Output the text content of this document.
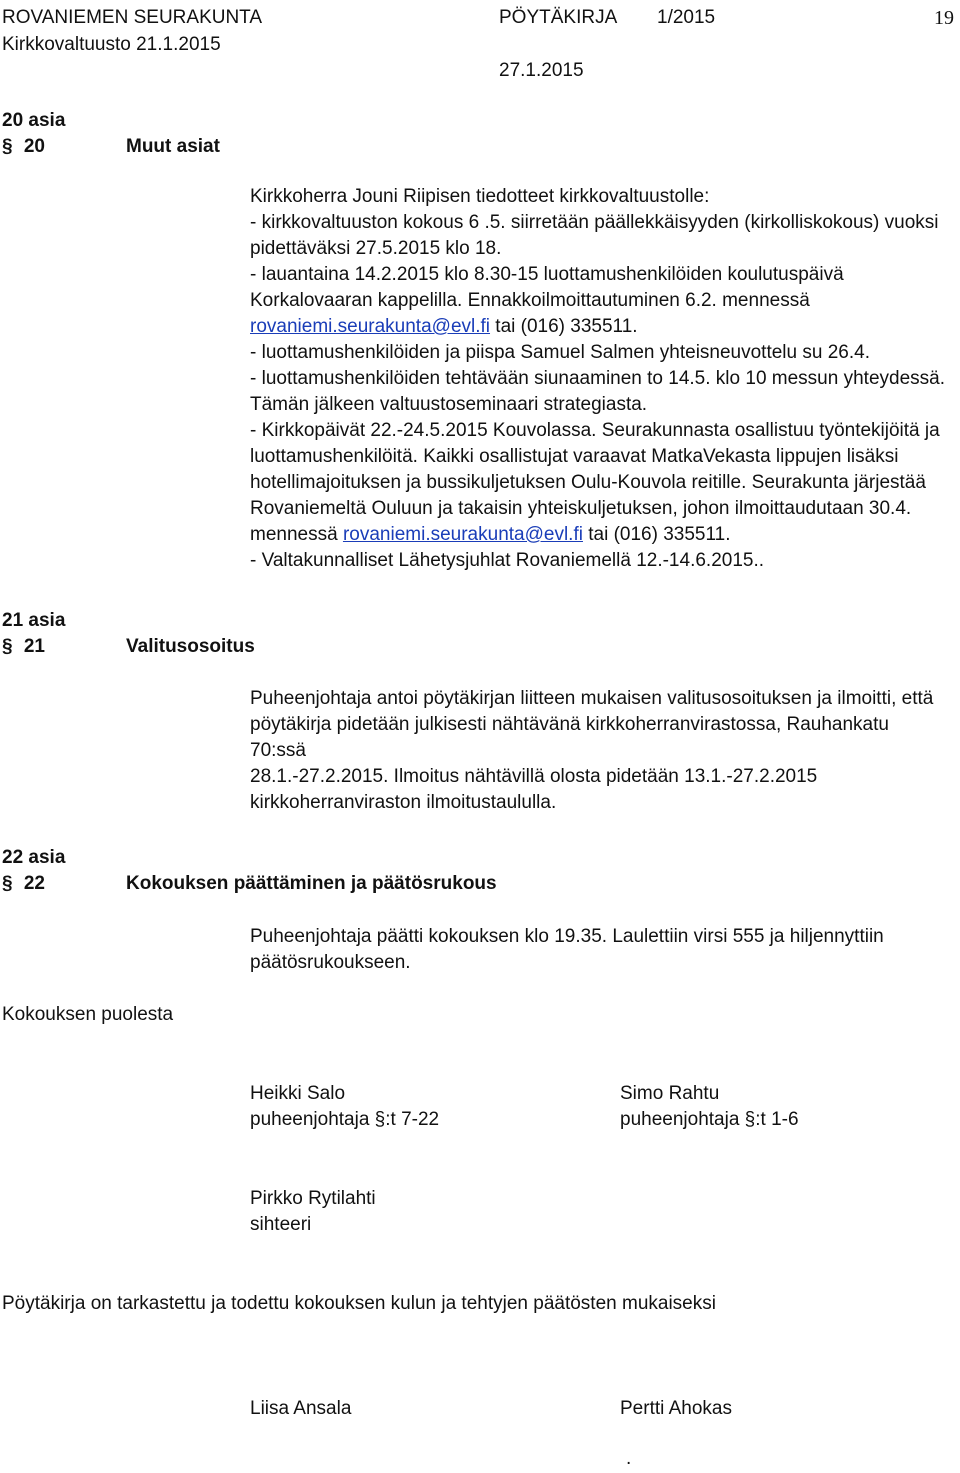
ROVANIEMEN SEURAKUNTA
Kirkkovaltuusto 21.1.2015
PÖYTÄKIRJA 1/2015
27.1.2015
19
20 asia
§ 20	Muut asiat

Kirkkoherra Jouni Riipisen tiedotteet kirkkovaltuustolle:

- kirkkovaltuuston kokous 6 .5. siirretään päällekkäisyyden (kirkolliskokous) vuoksi

pidettäväksi 27.5.2015 klo 18.

- lauantaina 14.2.2015 klo 8.30-15 luottamushenkilöiden koulutuspäivä

Korkalovaaran kappelilla. Ennakkoilmoittautuminen 6.2. mennessä

rovaniemi.seurakunta@evl.fi tai (016) 335511.

- luottamushenkilöiden ja piispa Samuel Salmen yhteisneuvottelu su 26.4.

- luottamushenkilöiden tehtävään siunaaminen to 14.5. klo 10 messun yhteydessä.

Tämän jälkeen valtuustoseminaari strategiasta.

- Kirkkopäivät 22.-24.5.2015 Kouvolassa. Seurakunnasta osallistuu työntekijöitä ja

luottamushenkilöitä. Kaikki osallistujat varaavat MatkaVekasta lippujen lisäksi

hotellimajoituksen ja bussikuljetuksen Oulu-Kouvola reitille. Seurakunta järjestää

Rovaniemeltä Ouluun ja takaisin yhteiskuljetuksen, johon ilmoittaudutaan 30.4.

mennessä rovaniemi.seurakunta@evl.fi tai (016) 335511.

- Valtakunnalliset Lähetysjuhlat Rovaniemellä 12.-14.6.2015..

21 asia
§ 21	Valitusosoitus

Puheenjohtaja antoi pöytäkirjan liitteen mukaisen valitusosoituksen ja ilmoitti, että

pöytäkirja pidetään julkisesti nähtävänä kirkkoherranvirastossa, Rauhankatu 70:ssä

28.1.-27.2.2015. Ilmoitus nähtävillä olosta pidetään 13.1.-27.2.2015

kirkkoherranviraston ilmoitustaululla.

22 asia
§ 22	Kokouksen päättäminen ja päätösrukous

Puheenjohtaja päätti kokouksen klo 19.35. Laulettiin virsi 555 ja hiljennyttiin

päätösrukoukseen.

Kokouksen puolesta
Heikki Salo
puheenjohtaja §:t 7-22
Simo Rahtu
puheenjohtaja §:t 1-6
Pirkko Rytilahti
sihteeri
Pöytäkirja on tarkastettu ja todettu kokouksen kulun ja tehtyjen päätösten mukaiseksi
Liisa Ansala	Pertti Ahokas
.
